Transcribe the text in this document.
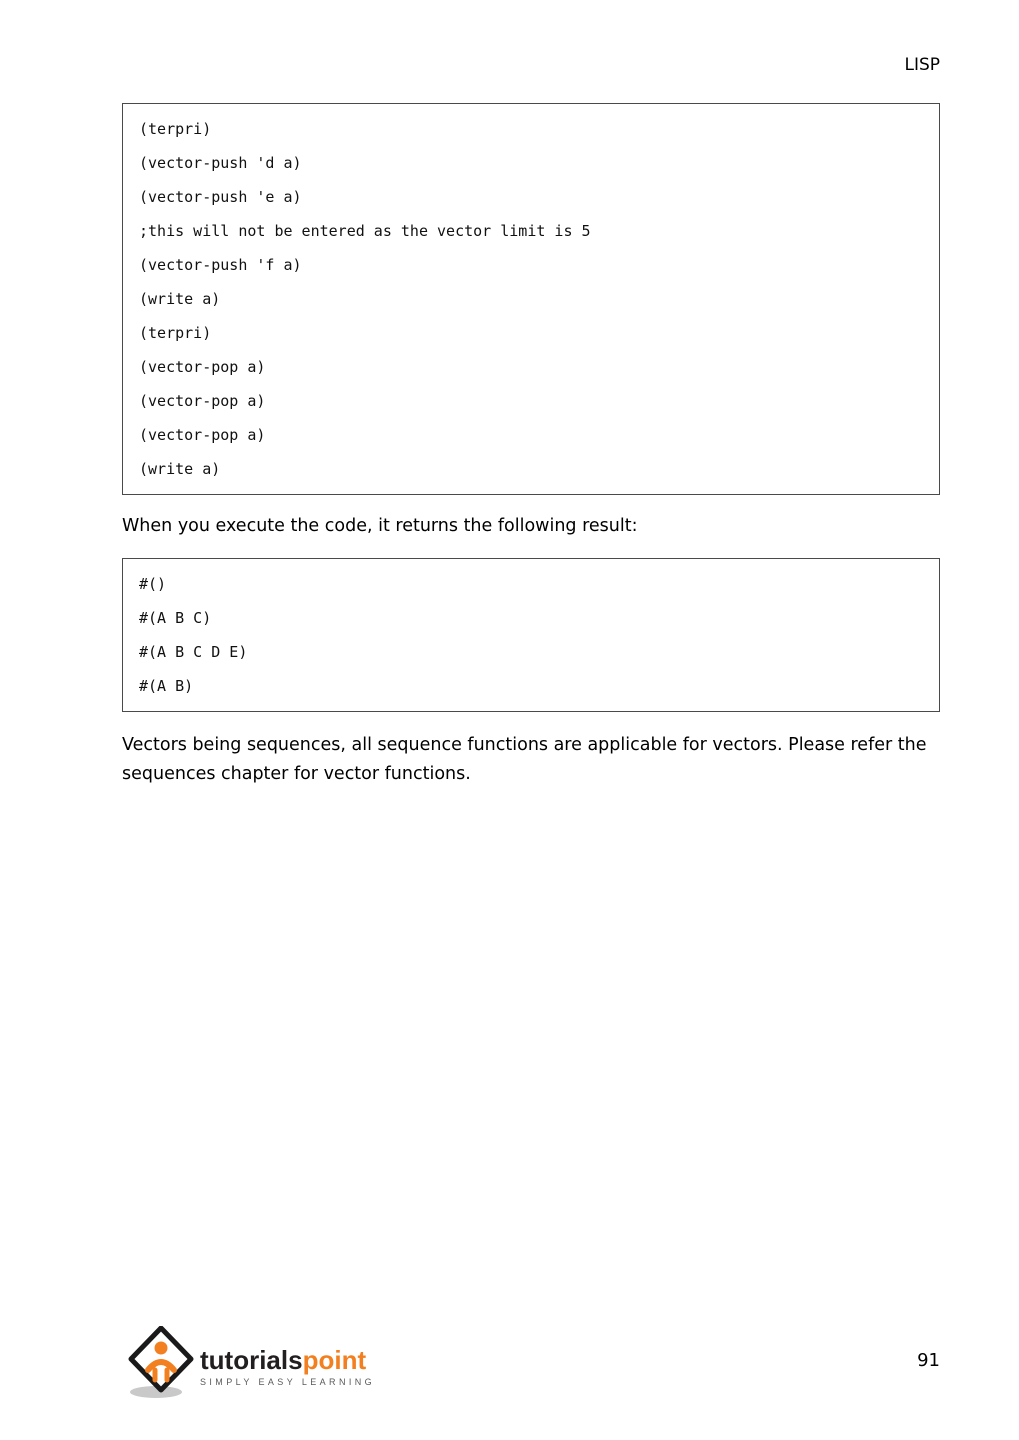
LISP
(terpri)
(vector-push 'd a)
(vector-push 'e a)
;this will not be entered as the vector limit is 5
(vector-push 'f a)
(write a)
(terpri)
(vector-pop a)
(vector-pop a)
(vector-pop a)
(write a)

When you execute the code, it returns the following result:

#()
#(A B C)
#(A B C D E)
#(A B)

Vectors being sequences, all sequence functions are applicable for vectors. Please refer the sequences chapter for vector functions.

tutorialspoint
SIMPLY EASY LEARNING
91
